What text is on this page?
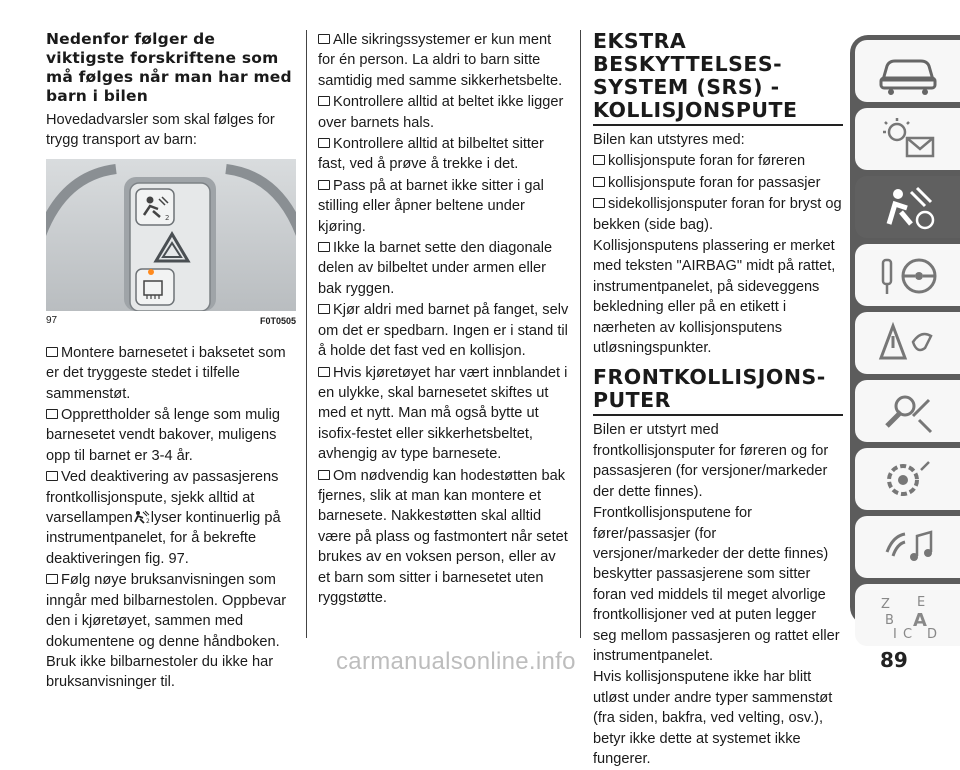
Nedenfor følger de viktigste forskriftene som må følges når man har med barn i bilen

Hovedadvarsler som skal følges for trygg transport av barn:

2
97	F0T0505

Montere barnesetet i baksetet som er det tryggeste stedet i tilfelle sammenstøt.

Opprettholder så lenge som mulig barnesetet vendt bakover, muligens opp til barnet er 3-4 år.

Ved deaktivering av passasjerens frontkollisjonspute, sjekk alltid at varsellampen 2 lyser kontinuerlig på instrumentpanelet, for å bekrefte deaktiveringen fig. 97.

Følg nøye bruksanvisningen som inngår med bilbarnestolen. Oppbevar den i kjøretøyet, sammen med dokumentene og denne håndboken. Bruk ikke bilbarnestoler du ikke har bruksanvisninger til.

Alle sikringssystemer er kun ment for én person. La aldri to barn sitte samtidig med samme sikkerhetsbelte.

Kontrollere alltid at beltet ikke ligger over barnets hals.

Kontrollere alltid at bilbeltet sitter fast, ved å prøve å trekke i det.

Pass på at barnet ikke sitter i gal stilling eller åpner beltene under kjøring.

Ikke la barnet sette den diagonale delen av bilbeltet under armen eller bak ryggen.

Kjør aldri med barnet på fanget, selv om det er spedbarn. Ingen er i stand til å holde det fast ved en kollisjon.

Hvis kjøretøyet har vært innblandet i en ulykke, skal barnesetet skiftes ut med et nytt. Man må også bytte ut isofix-festet eller sikkerhetsbeltet, avhengig av type barnesete.

Om nødvendig kan hodestøtten bak fjernes, slik at man kan montere et barnesete. Nakkestøtten skal alltid være på plass og fastmontert når setet brukes av en voksen person, eller av et barn som sitter i barnesetet uten ryggstøtte.

EKSTRA BESKYTTELSES-SYSTEM (SRS) - KOLLISJONSPUTE

Bilen kan utstyres med:

kollisjonspute foran for føreren

kollisjonspute foran for passasjer

sidekollisjonsputer foran for bryst og bekken (side bag).

Kollisjonsputens plassering er merket med teksten "AIRBAG" midt på rattet, instrumentpanelet, på sideveggens bekledning eller på en etikett i nærheten av kollisjonsputens utløsningspunkter.

FRONTKOLLISJONS-PUTER

Bilen er utstyrt med frontkollisjonsputer for føreren og for passasjeren (for versjoner/markeder der dette finnes).

Frontkollisjonsputene for fører/passasjer (for versjoner/markeder der dette finnes) beskytter passasjerene som sitter foran ved middels til meget alvorlige frontkollisjoner ved at puten legger seg mellom passasjeren og rattet eller instrumentpanelet.

Hvis kollisjonsputene ikke har blitt utløst under andre typer sammenstøt (fra siden, bakfra, ved velting, osv.), betyr ikke dette at systemet ikke fungerer.

Z E
B A
I C D
89
carmanualsonline.info
